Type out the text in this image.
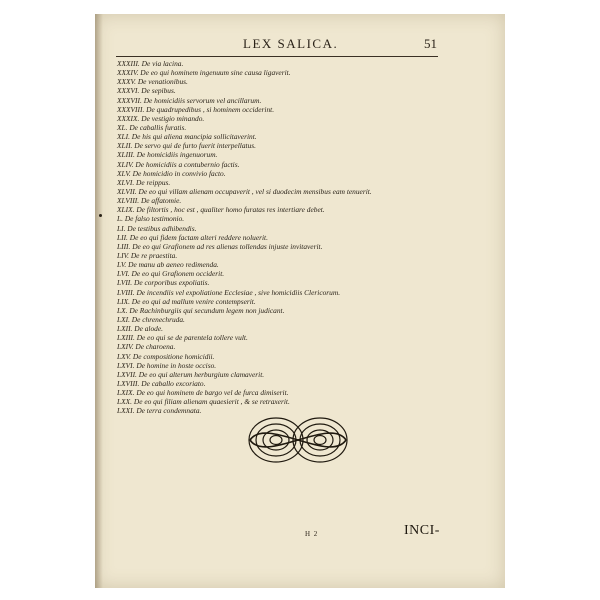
LEX SALICA.	51
XXXIII. De via lacina.
XXXIV. De eo qui hominem ingenuum sine causa ligaverit.
XXXV. De venationibus.
XXXVI. De sepibus.
XXXVII. De homicidiis servorum vel ancillarum.
XXXVIII. De quadrupedibus , si hominem occiderint.
XXXIX. De vestigio minando.
XL. De caballis furatis.
XLI. De his qui aliena mancipia sollicitaverint.
XLII. De servo qui de furto fuerit interpellatus.
XLIII. De homicidiis ingenuorum.
XLIV. De homicidiis a contubernio factis.
XLV. De homicidio in convivio facto.
XLVI. De reippus.
XLVII. De eo qui villam alienam occupaverit , vel si duodecim mensibus eam tenuerit.
XLVIII. De affatomie.
XLIX. De filtortis , hoc est , qualiter homo furatas res intertiare debet.
L. De falso testimonio.
LI. De testibus adhibendis.
LII. De eo qui fidem factam alteri reddere noluerit.
LIII. De eo qui Grafionem ad res alienas tollendas injuste invitaverit.
LIV. De re praestita.
LV. De manu ab aeneo redimenda.
LVI. De eo qui Grafionem occiderit.
LVII. De corporibus expoliatis.
LVIII. De incendiis vel expoliatione Ecclesiae , sive homicidiis Clericorum.
LIX. De eo qui ad mallum venire contempserit.
LX. De Rachinburgiis qui secundum legem non judicant.
LXI. De chrenechruda.
LXII. De alode.
LXIII. De eo qui se de parentela tollere vult.
LXIV. De charoena.
LXV. De compositione homicidii.
LXVI. De homine in hoste occiso.
LXVII. De eo qui alterum herburgium clamaverit.
LXVIII. De caballo excoriato.
LXIX. De eo qui hominem de bargo vel de furca dimiserit.
LXX. De eo qui filiam alienam quaesierit , & se retraxerit.
LXXI. De terra condemnata.
H 2	INCI-
